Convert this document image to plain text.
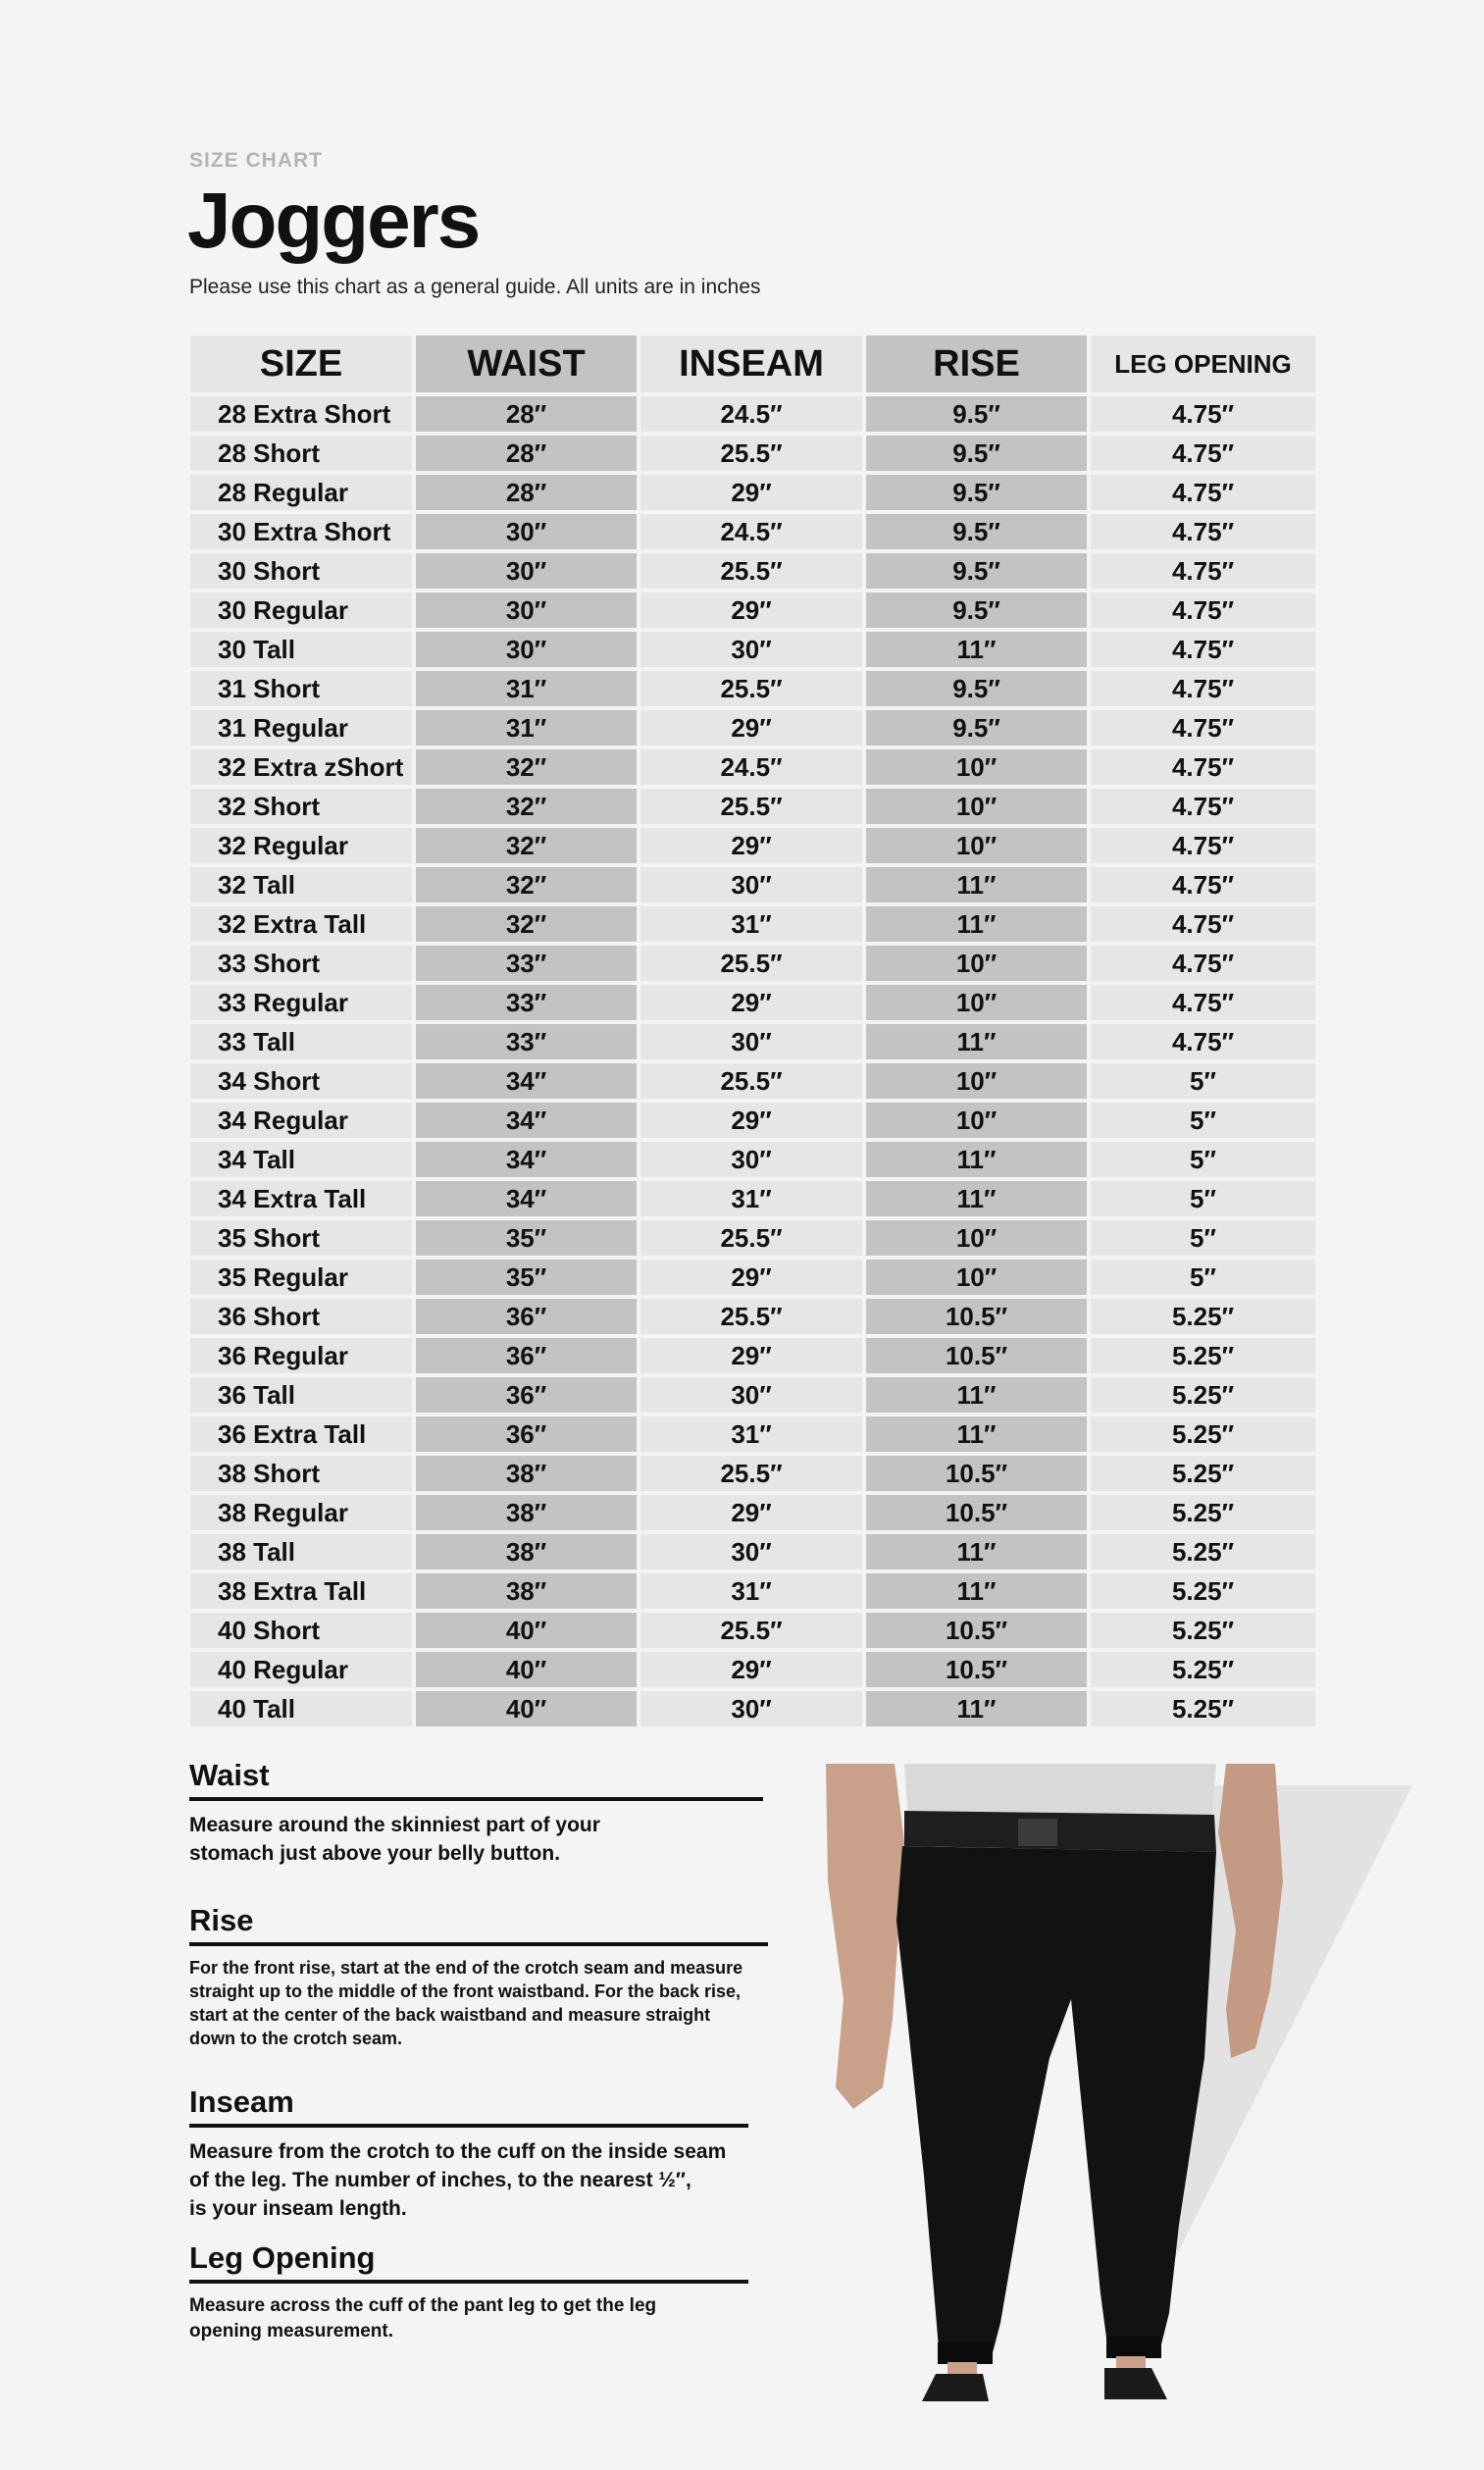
SIZE CHART
Joggers
Please use this chart as a general guide. All units are in inches
SIZE	WAIST	INSEAM	RISE	LEG OPENING
28 Extra Short	28″	24.5″	9.5″	4.75″
28 Short	28″	25.5″	9.5″	4.75″
28 Regular	28″	29″	9.5″	4.75″
30 Extra Short	30″	24.5″	9.5″	4.75″
30 Short	30″	25.5″	9.5″	4.75″
30 Regular	30″	29″	9.5″	4.75″
30 Tall	30″	30″	11″	4.75″
31 Short	31″	25.5″	9.5″	4.75″
31 Regular	31″	29″	9.5″	4.75″
32 Extra zShort	32″	24.5″	10″	4.75″
32 Short	32″	25.5″	10″	4.75″
32 Regular	32″	29″	10″	4.75″
32 Tall	32″	30″	11″	4.75″
32 Extra Tall	32″	31″	11″	4.75″
33 Short	33″	25.5″	10″	4.75″
33 Regular	33″	29″	10″	4.75″
33 Tall	33″	30″	11″	4.75″
34 Short	34″	25.5″	10″	5″
34 Regular	34″	29″	10″	5″
34 Tall	34″	30″	11″	5″
34 Extra Tall	34″	31″	11″	5″
35 Short	35″	25.5″	10″	5″
35 Regular	35″	29″	10″	5″
36 Short	36″	25.5″	10.5″	5.25″
36 Regular	36″	29″	10.5″	5.25″
36 Tall	36″	30″	11″	5.25″
36 Extra Tall	36″	31″	11″	5.25″
38 Short	38″	25.5″	10.5″	5.25″
38 Regular	38″	29″	10.5″	5.25″
38 Tall	38″	30″	11″	5.25″
38 Extra Tall	38″	31″	11″	5.25″
40 Short	40″	25.5″	10.5″	5.25″
40 Regular	40″	29″	10.5″	5.25″
40 Tall	40″	30″	11″	5.25″
Waist

Measure around the skinniest part of your
stomach just above your belly button.

Rise

For the front rise, start at the end of the crotch seam and measure
straight up to the middle of the front waistband. For the back rise,
start at the center of the back waistband and measure straight
down to the crotch seam.

Inseam

Measure from the crotch to the cuff on the inside seam
of the leg. The number of inches, to the nearest ½″,
is your inseam length.

Leg Opening

Measure across the cuff of the pant leg to get the leg
opening measurement.
